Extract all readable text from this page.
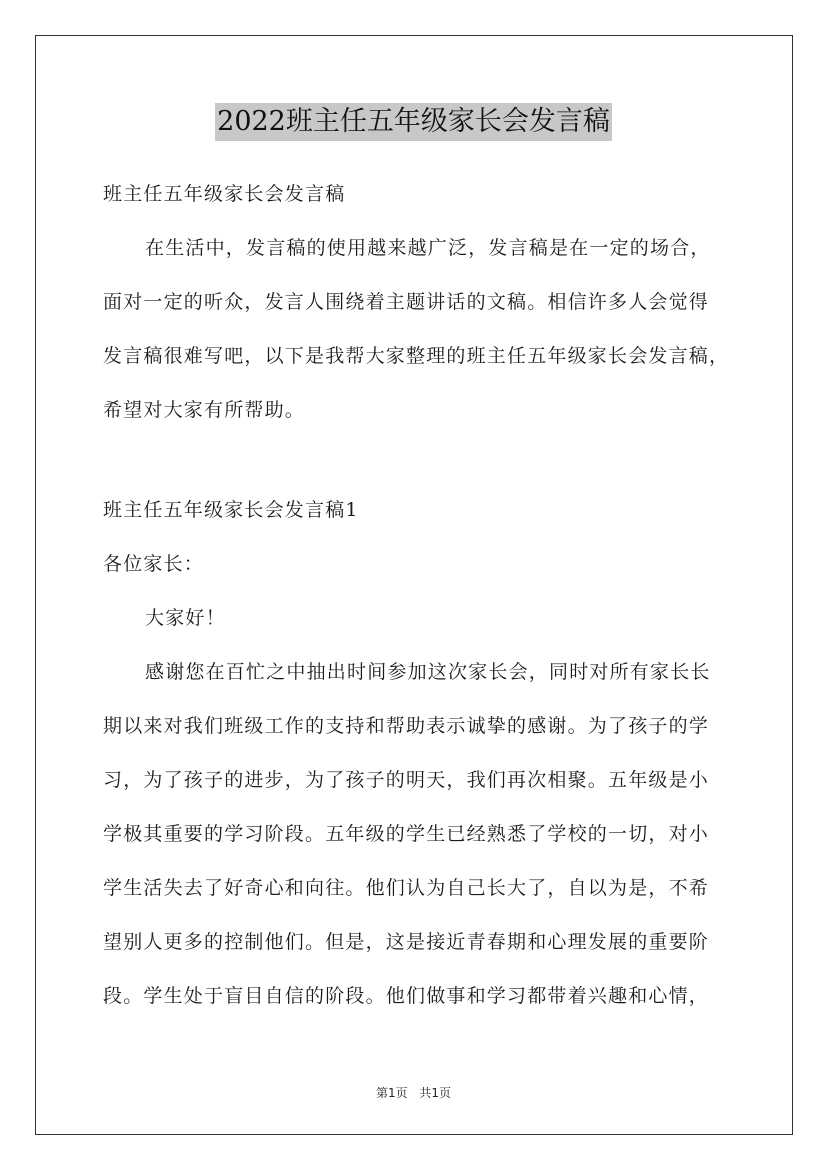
2022班主任五年级家长会发言稿
班主任五年级家长会发言稿
在生活中，发言稿的使用越来越广泛，发言稿是在一定的场合，
面对一定的听众，发言人围绕着主题讲话的文稿。相信许多人会觉得
发言稿很难写吧，以下是我帮大家整理的班主任五年级家长会发言稿，
希望对大家有所帮助。
班主任五年级家长会发言稿1
各位家长：
大家好！
感谢您在百忙之中抽出时间参加这次家长会，同时对所有家长长
期以来对我们班级工作的支持和帮助表示诚挚的感谢。为了孩子的学
习，为了孩子的进步，为了孩子的明天，我们再次相聚。五年级是小
学极其重要的学习阶段。五年级的学生已经熟悉了学校的一切，对小
学生活失去了好奇心和向往。他们认为自己长大了，自以为是，不希
望别人更多的控制他们。但是，这是接近青春期和心理发展的重要阶
段。学生处于盲目自信的阶段。他们做事和学习都带着兴趣和心情，
第1页 共1页
